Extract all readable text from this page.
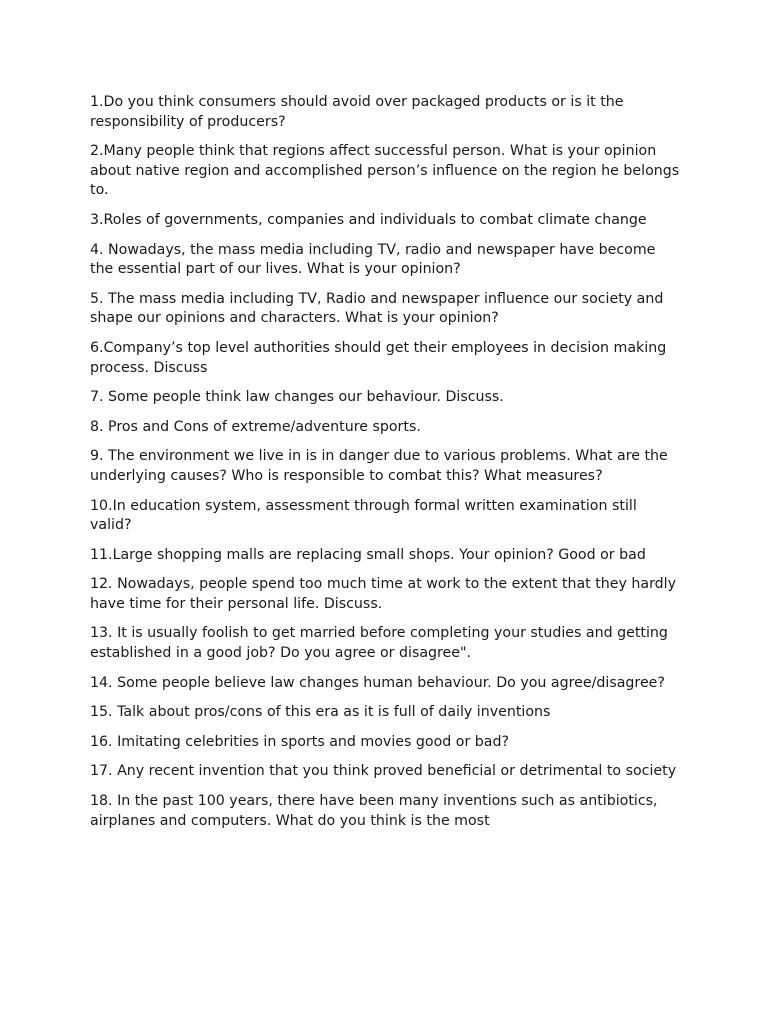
1.Do you think consumers should avoid over packaged products or is it the responsibility of producers?

2.Many people think that regions affect successful person. What is your opinion about native region and accomplished person’s influence on the region he belongs to.

3.Roles of governments, companies and individuals to combat climate change

4. Nowadays, the mass media including TV, radio and newspaper have become the essential part of our lives. What is your opinion?

5. The mass media including TV, Radio and newspaper influence our society and shape our opinions and characters. What is your opinion?

6.Company’s top level authorities should get their employees in decision making process. Discuss

7. Some people think law changes our behaviour. Discuss.

8. Pros and Cons of extreme/adventure sports.

9. The environment we live in is in danger due to various problems. What are the underlying causes? Who is responsible to combat this? What measures?

10.In education system, assessment through formal written examination still valid?

11.Large shopping malls are replacing small shops. Your opinion? Good or bad

12. Nowadays, people spend too much time at work to the extent that they hardly have time for their personal life. Discuss.

13. It is usually foolish to get married before completing your studies and getting established in a good job? Do you agree or disagree".

14. Some people believe law changes human behaviour. Do you agree/disagree?

15. Talk about pros/cons of this era as it is full of daily inventions

16. Imitating celebrities in sports and movies good or bad?

17. Any recent invention that you think proved beneficial or detrimental to society

18. In the past 100 years, there have been many inventions such as antibiotics, airplanes and computers. What do you think is the most
